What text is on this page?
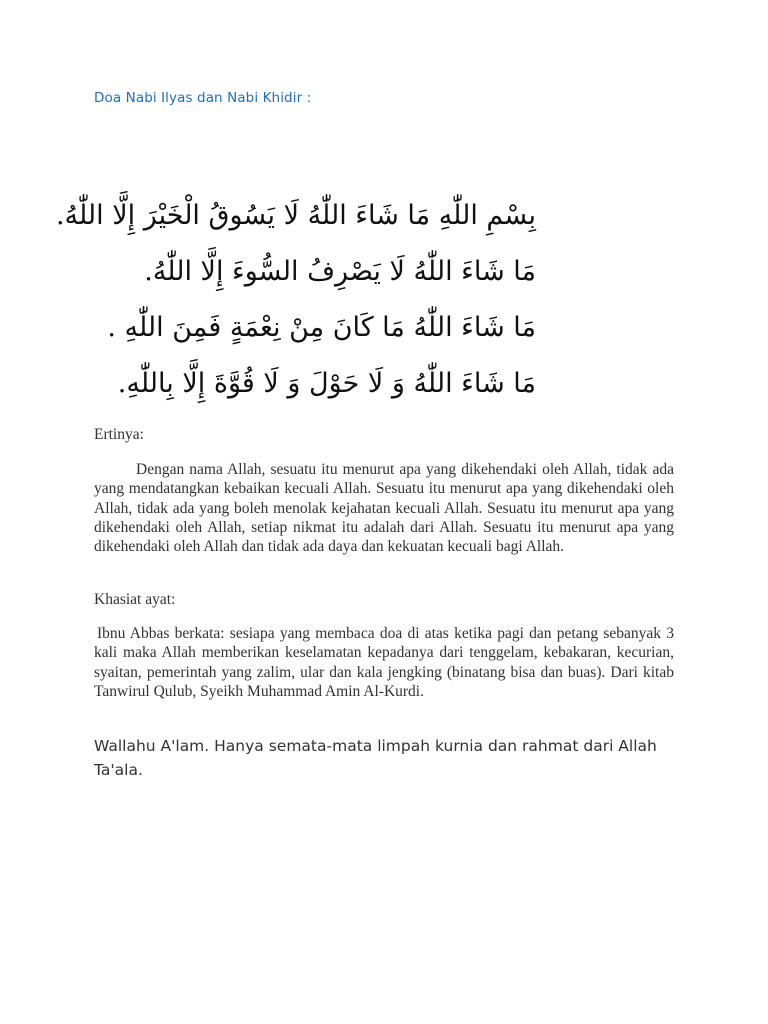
Doa Nabi Ilyas dan Nabi Khidir :
بِسْمِ اللّٰهِ مَا شَاءَ اللّٰهُ لَا يَسُوقُ الْخَيْرَ إِلَّا اللّٰهُ.
مَا شَاءَ اللّٰهُ لَا يَصْرِفُ السُّوءَ إِلَّا اللّٰهُ.
مَا شَاءَ اللّٰهُ مَا كَانَ مِنْ نِعْمَةٍ فَمِنَ اللّٰهِ .
مَا شَاءَ اللّٰهُ وَ لَا حَوْلَ وَ لَا قُوَّةَ إِلَّا بِاللّٰهِ.
Ertinya:

Dengan nama Allah, sesuatu itu menurut apa yang dikehendaki oleh Allah, tidak ada yang mendatangkan kebaikan kecuali Allah. Sesuatu itu menurut apa yang dikehendaki oleh Allah, tidak ada yang boleh menolak kejahatan kecuali Allah. Sesuatu itu menurut apa yang dikehendaki oleh Allah, setiap nikmat itu adalah dari Allah. Sesuatu itu menurut apa yang dikehendaki oleh Allah dan tidak ada daya dan kekuatan kecuali bagi Allah.

Khasiat ayat:

Ibnu Abbas berkata: sesiapa yang membaca doa di atas ketika pagi dan petang sebanyak 3 kali maka Allah memberikan keselamatan kepadanya dari tenggelam, kebakaran, kecurian, syaitan, pemerintah yang zalim, ular dan kala jengking (binatang bisa dan buas). Dari kitab Tanwirul Qulub, Syeikh Muhammad Amin Al-Kurdi.

Wallahu A'lam. Hanya semata-mata limpah kurnia dan rahmat dari Allah Ta'ala.
